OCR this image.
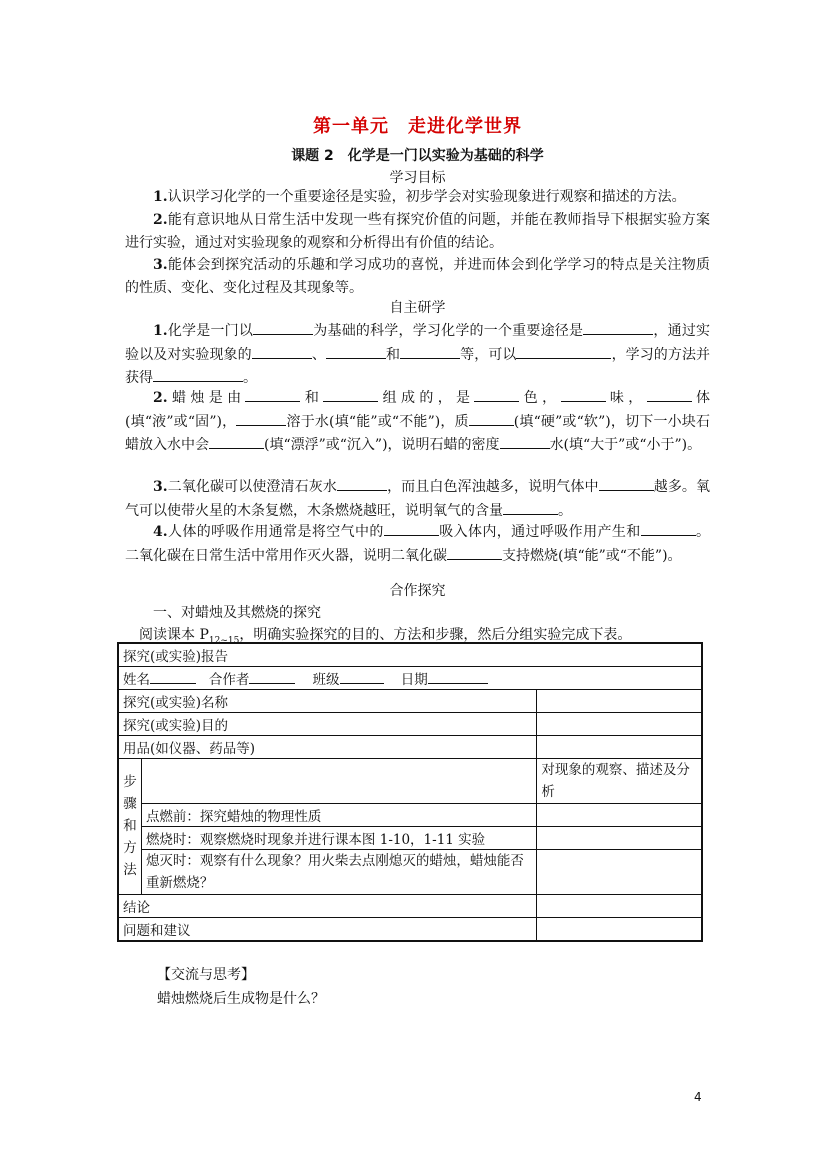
第一单元　走进化学世界
课题 2　化学是一门以实验为基础的科学
学习目标
1.认识学习化学的一个重要途径是实验，初步学会对实验现象进行观察和描述的方法。
2.能有意识地从日常生活中发现一些有探究价值的问题，并能在教师指导下根据实验方案进行实验，通过对实验现象的观察和分析得出有价值的结论。
3.能体会到探究活动的乐趣和学习成功的喜悦，并进而体会到化学学习的特点是关注物质的性质、变化、变化过程及其现象等。
自主研学
1.化学是一门以	为基础的科学，学习化学的一个重要途径是	，通过实验以及对实验现象的	、	和	等，可以	，学习的方法并获得	。
2.蜡烛是由	和	组成的，是	色，	味，	体(填“液”或“固”)，	溶于水(填“能”或“不能”)，质	(填“硬”或“软”)，切下一小块石蜡放入水中会	(填“漂浮”或“沉入”)，说明石蜡的密度	水(填“大于”或“小于”)。
3.二氧化碳可以使澄清石灰水	，而且白色浑浊越多，说明气体中	越多。氧气可以使带火星的木条复燃，木条燃烧越旺，说明氧气的含量	。
4.人体的呼吸作用通常是将空气中的	吸入体内，通过呼吸作用产生和	。二氧化碳在日常生活中常用作灭火器，说明二氧化碳	支持燃烧(填“能”或“不能”)。
合作探究
一、对蜡烛及其燃烧的探究
阅读课本 $P_{12\sim 15}$，明确实验探究的目的、方法和步骤，然后分组实验完成下表。
探究(或实验)报告		
姓名 合作者 班级 日期		
探究(或实验)名称		
探究(或实验)目的		
用品(如仪器、药品等)		
步骤和方法		对现象的观察、描述及分析
	点燃前：探究蜡烛的物理性质	
	燃烧时：观察燃烧时现象并进行课本图 1-10，1-11 实验	
	熄灭时：观察有什么现象？用火柴去点刚熄灭的蜡烛，蜡烛能否重新燃烧？	
结论		
问题和建议		
【交流与思考】
蜡烛燃烧后生成物是什么？
4
